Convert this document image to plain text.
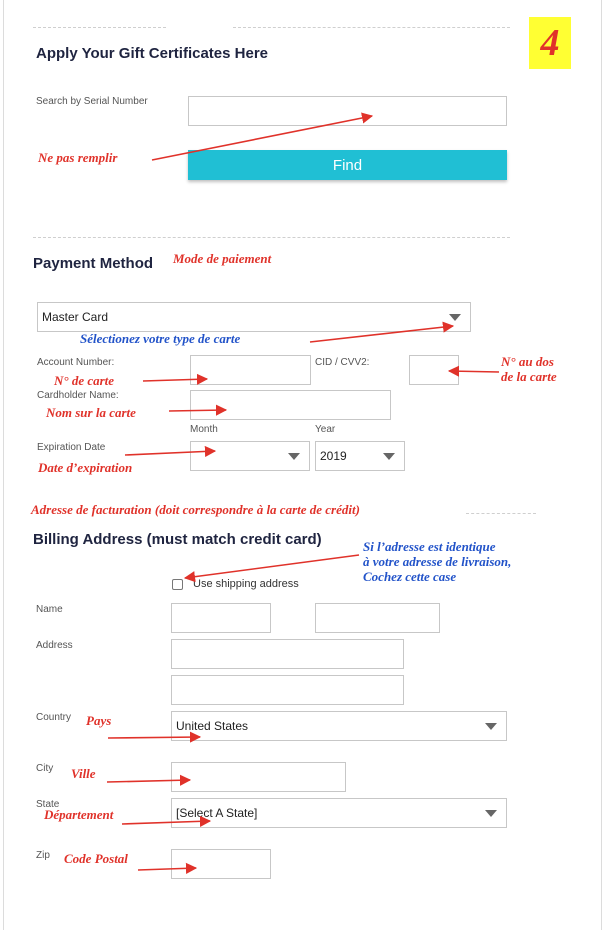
4
Apply Your Gift Certificates Here
Search by Serial Number
Find
Payment Method
Master Card
Account Number:	CID / CVV2:
Cardholder Name:
Month	Year
Expiration Date
2019
Billing Address (must match credit card)
Use shipping address
Name
Address
Country
United States
City
State
[Select A State]
Zip
Ne pas remplir
Mode de paiement
Sélectionez votre type de carte
N° de carte
N° au dos
de la carte
Nom sur la carte
Date d’expiration
Adresse de facturation (doit correspondre à la carte de crédit)
Si l’adresse est identique
à votre adresse de livraison,
Cochez cette case
Pays
Ville
Département
Code Postal
